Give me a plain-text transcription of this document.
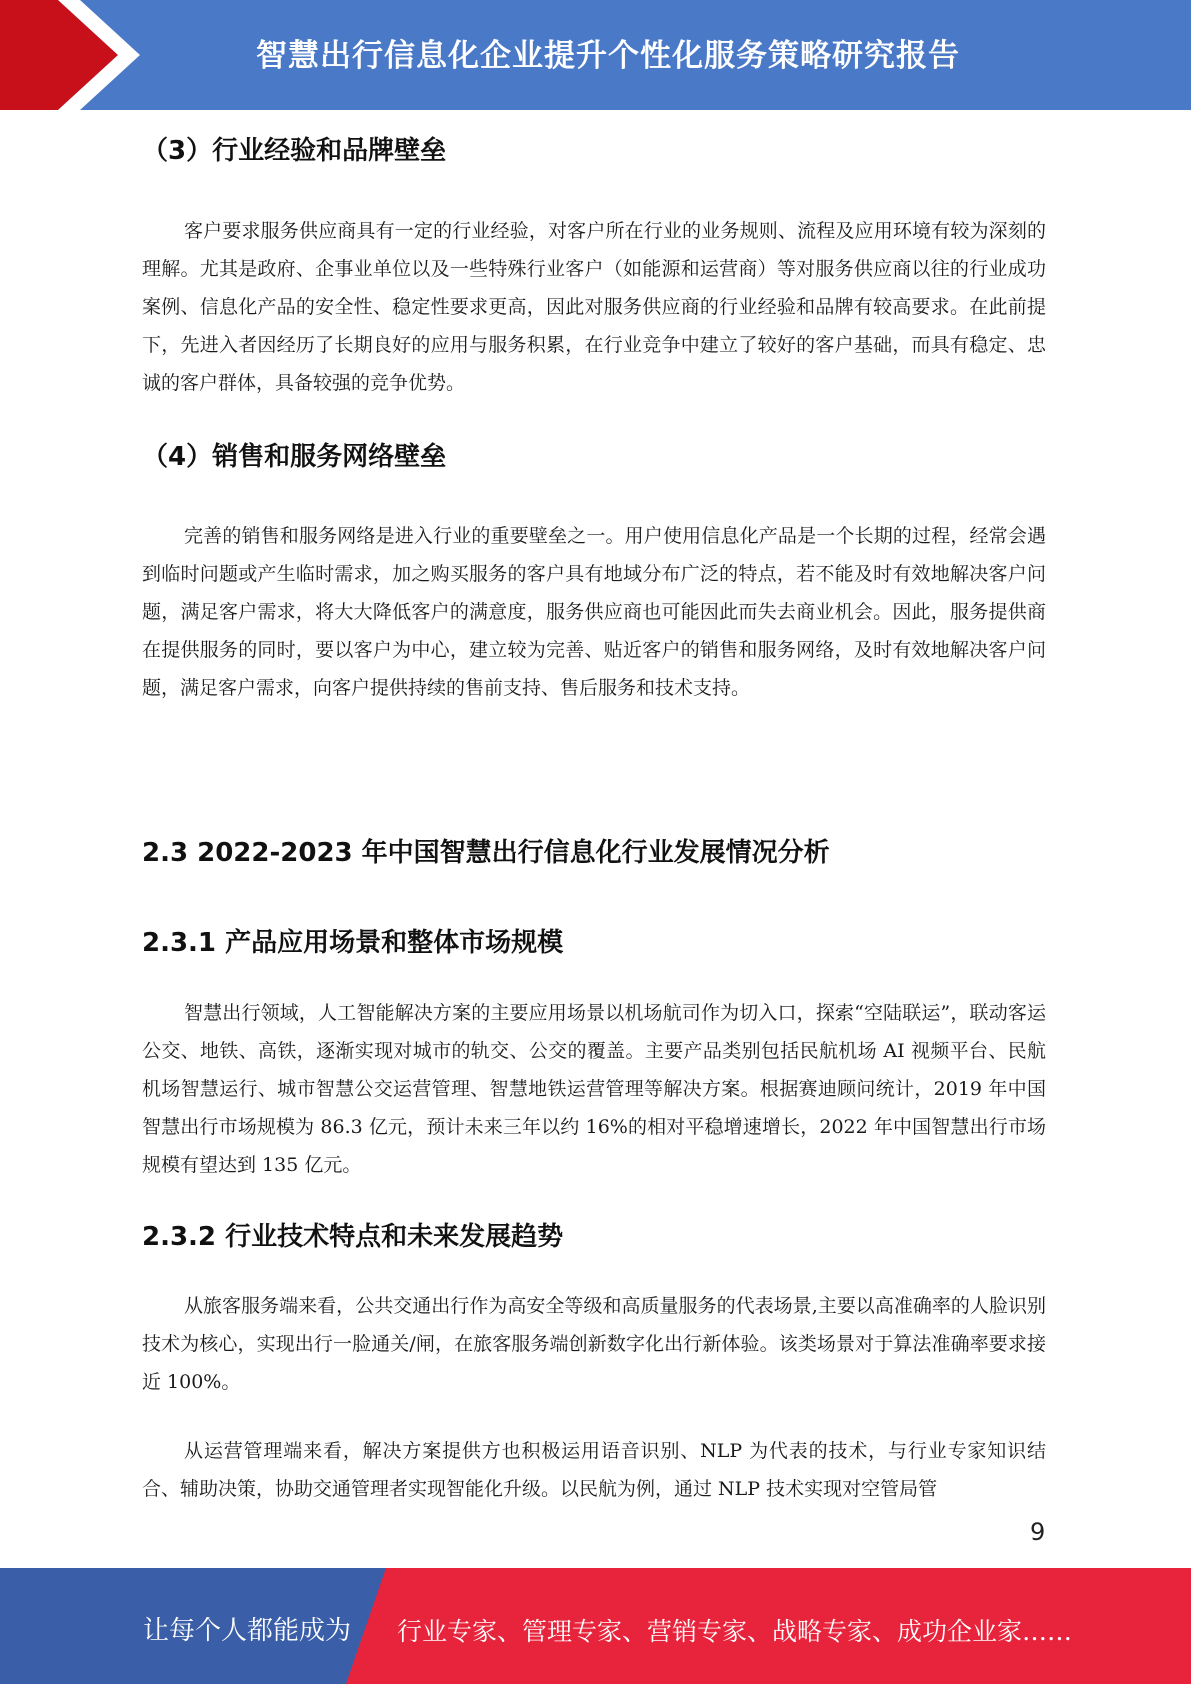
智慧出行信息化企业提升个性化服务策略研究报告
（3）行业经验和品牌壁垒

客户要求服务供应商具有一定的行业经验，对客户所在行业的业务规则、流程及应用环境有较为深刻的理解。尤其是政府、企事业单位以及一些特殊行业客户（如能源和运营商）等对服务供应商以往的行业成功案例、信息化产品的安全性、稳定性要求更高，因此对服务供应商的行业经验和品牌有较高要求。在此前提下，先进入者因经历了长期良好的应用与服务积累，在行业竞争中建立了较好的客户基础，而具有稳定、忠诚的客户群体，具备较强的竞争优势。

（4）销售和服务网络壁垒

完善的销售和服务网络是进入行业的重要壁垒之一。用户使用信息化产品是一个长期的过程，经常会遇到临时问题或产生临时需求，加之购买服务的客户具有地域分布广泛的特点，若不能及时有效地解决客户问题，满足客户需求，将大大降低客户的满意度，服务供应商也可能因此而失去商业机会。因此，服务提供商在提供服务的同时，要以客户为中心，建立较为完善、贴近客户的销售和服务网络，及时有效地解决客户问题，满足客户需求，向客户提供持续的售前支持、售后服务和技术支持。

2.3 2022-2023 年中国智慧出行信息化行业发展情况分析
2.3.1 产品应用场景和整体市场规模

智慧出行领域，人工智能解决方案的主要应用场景以机场航司作为切入口，探索“空陆联运”，联动客运公交、地铁、高铁，逐渐实现对城市的轨交、公交的覆盖。主要产品类别包括民航机场 AI 视频平台、民航机场智慧运行、城市智慧公交运营管理、智慧地铁运营管理等解决方案。根据赛迪顾问统计，2019 年中国智慧出行市场规模为 86.3 亿元，预计未来三年以约 16%的相对平稳增速增长，2022 年中国智慧出行市场规模有望达到 135 亿元。

2.3.2 行业技术特点和未来发展趋势

从旅客服务端来看，公共交通出行作为高安全等级和高质量服务的代表场景,主要以高准确率的人脸识别技术为核心，实现出行一脸通关/闸，在旅客服务端创新数字化出行新体验。该类场景对于算法准确率要求接近 100%。

从运营管理端来看，解决方案提供方也积极运用语音识别、NLP 为代表的技术，与行业专家知识结合、辅助决策，协助交通管理者实现智能化升级。以民航为例，通过 NLP 技术实现对空管局管

9
让每个人都能成为 行业专家、管理专家、营销专家、战略专家、成功企业家……
